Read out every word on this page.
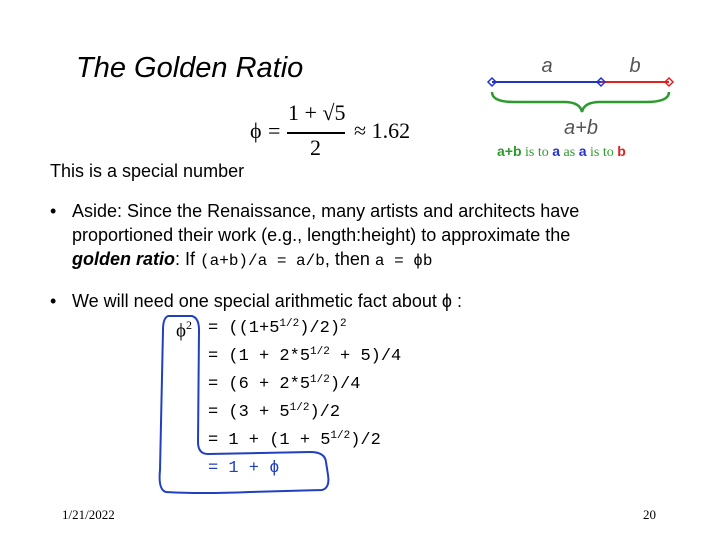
The Golden Ratio
ϕ =
1 + √5
2
≈ 1.62
a	b
a+b
a+b is to a as a is to b
This is a special number
• Aside: Since the Renaissance, many artists and architects have
proportioned their work (e.g., length:height) to approximate the
golden ratio: If (a+b)/a = a/b, then a = ϕb
• We will need one special arithmetic fact about ϕ :
$\phi^2 = ((1+5^{1/2})/2)^2$
= $(1 + 2*5^{1/2} + 5)/4$
= $(6 + 2*5^{1/2})/4$
= $(3 + 5^{1/2})/2$
= $1 + (1 + 5^{1/2})/2$
= 1 + ϕ
1/21/2022	20
